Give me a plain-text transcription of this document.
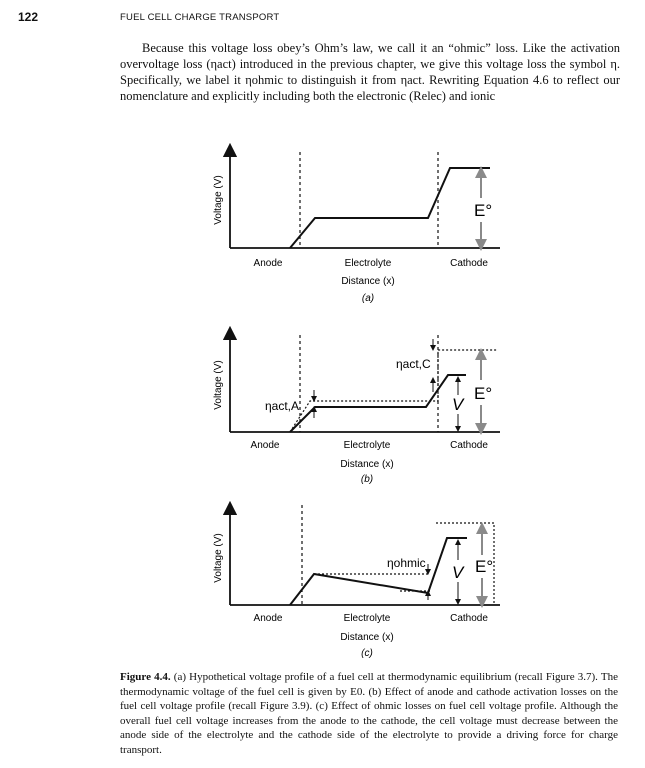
122	FUEL CELL CHARGE TRANSPORT

Because this voltage loss obey’s Ohm’s law, we call it an “ohmic” loss. Like the activation overvoltage loss (ηact) introduced in the previous chapter, we give this voltage loss the symbol η. Specifically, we label it ηohmic to distinguish it from ηact. Rewriting Equation 4.6 to reflect our nomenclature and explicitly including both the electronic (Relec) and ionic

E°
Voltage (V)
Anode	Electrolyte	Cathode
Distance (x)
(a)
ηact,A
ηact,C
V
E°
Voltage (V)
Anode	Electrolyte	Cathode
Distance (x)
(b)
ηohmic V E°
Voltage (V)
Anode	Electrolyte	Cathode
Distance (x)
(c)
Figure 4.4. (a) Hypothetical voltage profile of a fuel cell at thermodynamic equilibrium (recall Figure 3.7). The thermodynamic voltage of the fuel cell is given by E0. (b) Effect of anode and cathode activation losses on the fuel cell voltage profile (recall Figure 3.9). (c) Effect of ohmic losses on fuel cell voltage profile. Although the overall fuel cell voltage increases from the anode to the cathode, the cell voltage must decrease between the anode side of the electrolyte and the cathode side of the electrolyte to provide a driving force for charge transport.
